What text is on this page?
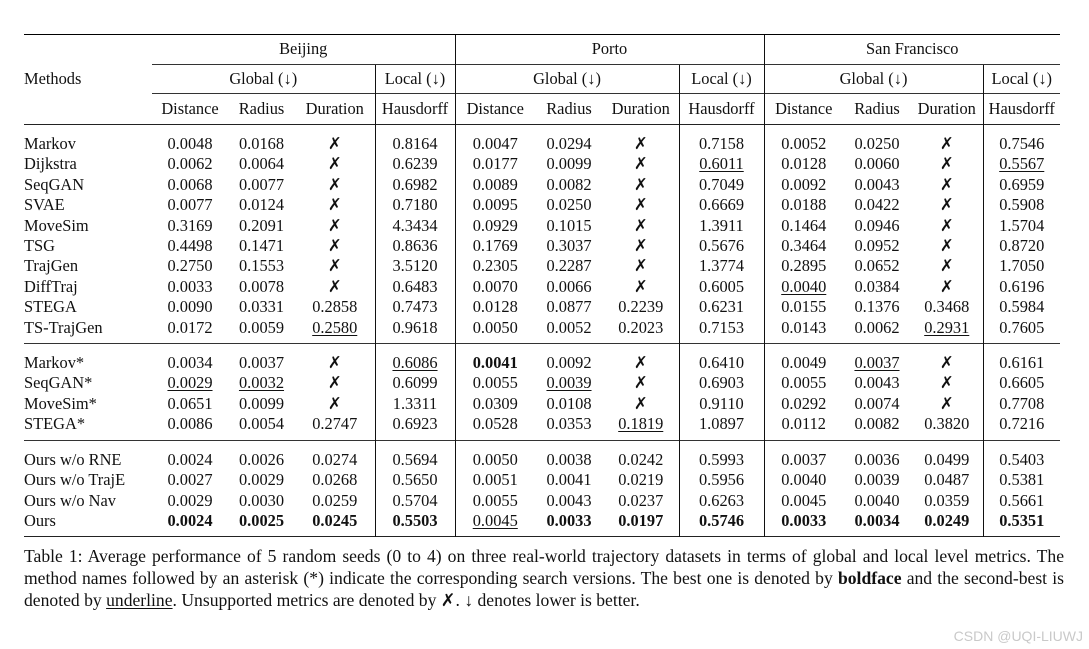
Methods	Beijing				Porto				San Francisco			
	Global (↓)			Local (↓)	Global (↓)			Local (↓)	Global (↓)			Local (↓)
	Distance	Radius	Duration	Hausdorff	Distance	Radius	Duration	Hausdorff	Distance	Radius	Duration	Hausdorff

Markov	0.0048	0.0168	✗	0.8164	0.0047	0.0294	✗	0.7158	0.0052	0.0250	✗	0.7546
Dijkstra	0.0062	0.0064	✗	0.6239	0.0177	0.0099	✗	0.6011	0.0128	0.0060	✗	0.5567
SeqGAN	0.0068	0.0077	✗	0.6982	0.0089	0.0082	✗	0.7049	0.0092	0.0043	✗	0.6959
SVAE	0.0077	0.0124	✗	0.7180	0.0095	0.0250	✗	0.6669	0.0188	0.0422	✗	0.5908
MoveSim	0.3169	0.2091	✗	4.3434	0.0929	0.1015	✗	1.3911	0.1464	0.0946	✗	1.5704
TSG	0.4498	0.1471	✗	0.8636	0.1769	0.3037	✗	0.5676	0.3464	0.0952	✗	0.8720
TrajGen	0.2750	0.1553	✗	3.5120	0.2305	0.2287	✗	1.3774	0.2895	0.0652	✗	1.7050
DiffTraj	0.0033	0.0078	✗	0.6483	0.0070	0.0066	✗	0.6005	0.0040	0.0384	✗	0.6196
STEGA	0.0090	0.0331	0.2858	0.7473	0.0128	0.0877	0.2239	0.6231	0.0155	0.1376	0.3468	0.5984
TS-TrajGen	0.0172	0.0059	0.2580	0.9618	0.0050	0.0052	0.2023	0.7153	0.0143	0.0062	0.2931	0.7605

Markov*	0.0034	0.0037	✗	0.6086	0.0041	0.0092	✗	0.6410	0.0049	0.0037	✗	0.6161
SeqGAN*	0.0029	0.0032	✗	0.6099	0.0055	0.0039	✗	0.6903	0.0055	0.0043	✗	0.6605
MoveSim*	0.0651	0.0099	✗	1.3311	0.0309	0.0108	✗	0.9110	0.0292	0.0074	✗	0.7708
STEGA*	0.0086	0.0054	0.2747	0.6923	0.0528	0.0353	0.1819	1.0897	0.0112	0.0082	0.3820	0.7216

Ours w/o RNE	0.0024	0.0026	0.0274	0.5694	0.0050	0.0038	0.0242	0.5993	0.0037	0.0036	0.0499	0.5403
Ours w/o TrajE	0.0027	0.0029	0.0268	0.5650	0.0051	0.0041	0.0219	0.5956	0.0040	0.0039	0.0487	0.5381
Ours w/o Nav	0.0029	0.0030	0.0259	0.5704	0.0055	0.0043	0.0237	0.6263	0.0045	0.0040	0.0359	0.5661
Ours	0.0024	0.0025	0.0245	0.5503	0.0045	0.0033	0.0197	0.5746	0.0033	0.0034	0.0249	0.5351

Table 1: Average performance of 5 random seeds (0 to 4) on three real-world trajectory datasets in terms of global and local level metrics. The method names followed by an asterisk (*) indicate the corresponding search versions. The best one is denoted by boldface and the second-best is denoted by underline. Unsupported metrics are denoted by ✗. ↓ denotes lower is better.

CSDN @UQI-LIUWJ
